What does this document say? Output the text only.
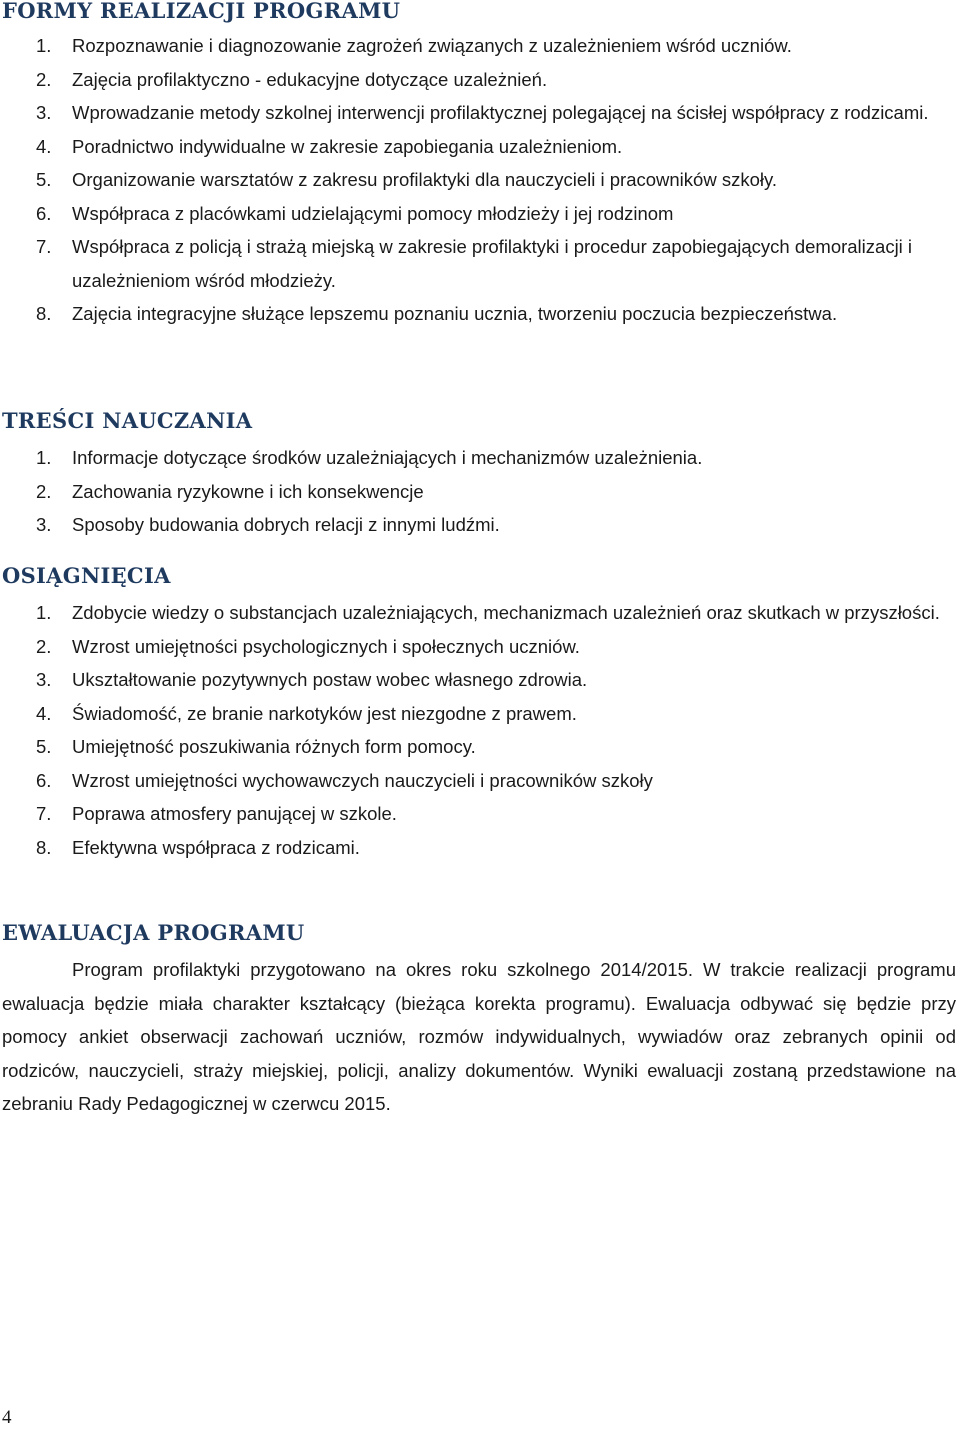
FORMY REALIZACJI PROGRAMU
1. Rozpoznawanie i diagnozowanie zagrożeń związanych z uzależnieniem wśród uczniów.
2. Zajęcia profilaktyczno - edukacyjne dotyczące uzależnień.
3. Wprowadzanie metody szkolnej interwencji profilaktycznej polegającej na ścisłej współpracy z rodzicami.
4. Poradnictwo indywidualne w zakresie zapobiegania uzależnieniom.
5. Organizowanie warsztatów z zakresu profilaktyki dla nauczycieli i pracowników szkoły.
6. Współpraca z placówkami udzielającymi pomocy młodzieży i jej rodzinom
7. Współpraca z policją i strażą miejską w zakresie profilaktyki i procedur zapobiegających demoralizacji i uzależnieniom wśród młodzieży.
8. Zajęcia integracyjne służące lepszemu poznaniu ucznia, tworzeniu poczucia bezpieczeństwa.
TREŚCI NAUCZANIA
1. Informacje dotyczące środków uzależniających i mechanizmów uzależnienia.
2. Zachowania ryzykowne i ich konsekwencje
3. Sposoby budowania dobrych relacji z innymi ludźmi.
OSIĄGNIĘCIA
1. Zdobycie wiedzy o substancjach uzależniających, mechanizmach uzależnień oraz skutkach w przyszłości.
2. Wzrost umiejętności psychologicznych i społecznych uczniów.
3. Ukształtowanie pozytywnych postaw wobec własnego zdrowia.
4. Świadomość, ze branie narkotyków jest niezgodne z prawem.
5. Umiejętność poszukiwania różnych form pomocy.
6. Wzrost umiejętności wychowawczych nauczycieli i pracowników szkoły
7. Poprawa atmosfery panującej w szkole.
8. Efektywna współpraca z rodzicami.
EWALUACJA PROGRAMU

Program profilaktyki przygotowano na okres roku szkolnego 2014/2015. W trakcie realizacji programu ewaluacja będzie miała charakter kształcący (bieżąca korekta programu). Ewaluacja odbywać się będzie przy pomocy ankiet obserwacji zachowań uczniów, rozmów indywidualnych, wywiadów oraz zebranych opinii od rodziców, nauczycieli, straży miejskiej, policji, analizy dokumentów. Wyniki ewaluacji zostaną przedstawione na zebraniu Rady Pedagogicznej w czerwcu 2015.

4
